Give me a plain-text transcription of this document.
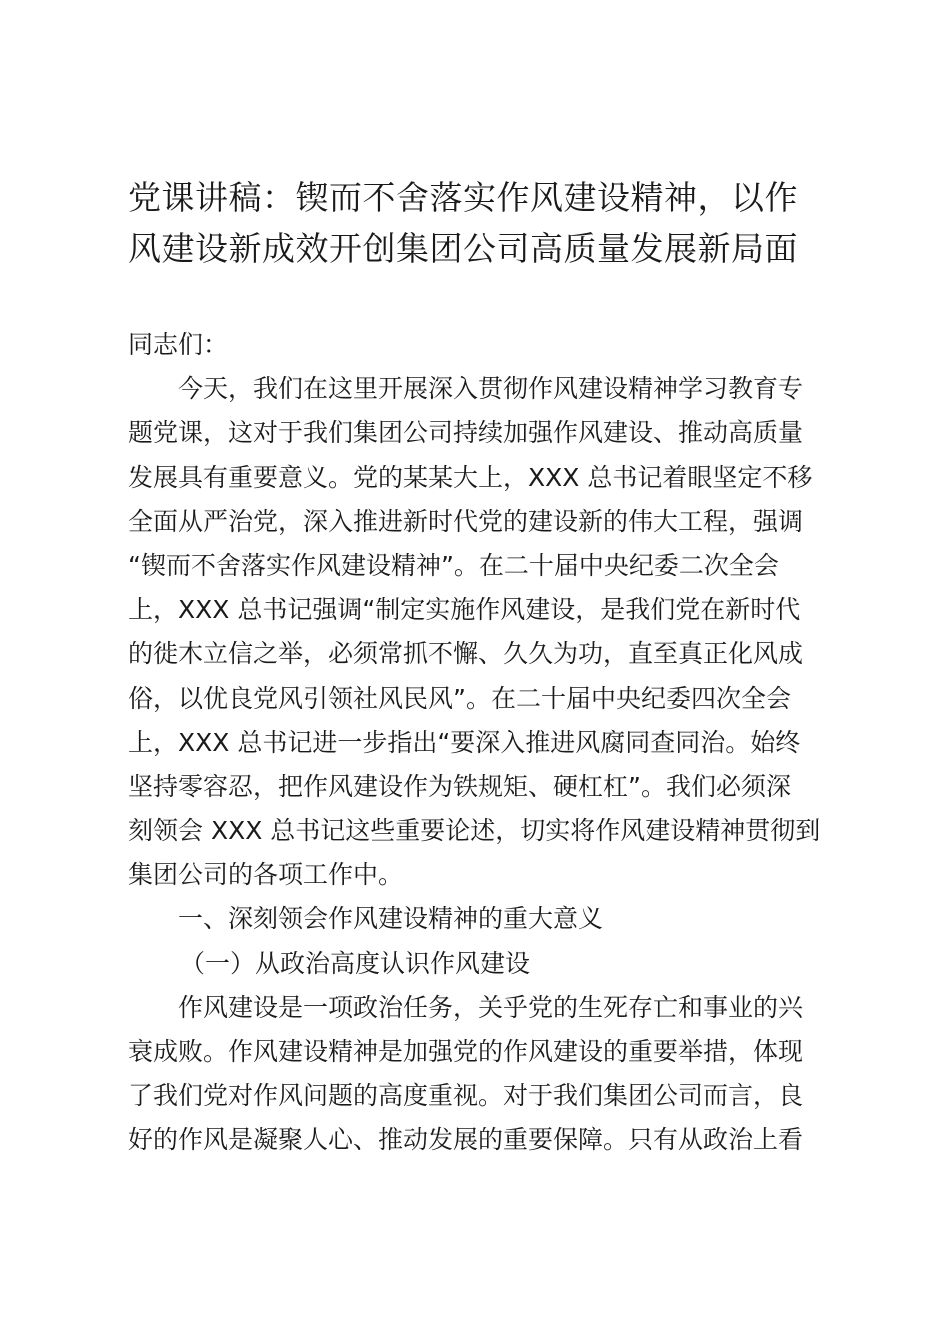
党课讲稿：锲而不舍落实作风建设精神，以作
风建设新成效开创集团公司高质量发展新局面
同志们：
今天，我们在这里开展深入贯彻作风建设精神学习教育专
题党课，这对于我们集团公司持续加强作风建设、推动高质量
发展具有重要意义。党的某某大上，XXX 总书记着眼坚定不移
全面从严治党，深入推进新时代党的建设新的伟大工程，强调
“锲而不舍落实作风建设精神”。在二十届中央纪委二次全会
上，XXX 总书记强调“制定实施作风建设，是我们党在新时代
的徙木立信之举，必须常抓不懈、久久为功，直至真正化风成
俗，以优良党风引领社风民风”。在二十届中央纪委四次全会
上，XXX 总书记进一步指出“要深入推进风腐同查同治。始终
坚持零容忍，把作风建设作为铁规矩、硬杠杠”。我们必须深
刻领会 XXX 总书记这些重要论述，切实将作风建设精神贯彻到
集团公司的各项工作中。
一、深刻领会作风建设精神的重大意义
（一）从政治高度认识作风建设
作风建设是一项政治任务，关乎党的生死存亡和事业的兴
衰成败。作风建设精神是加强党的作风建设的重要举措，体现
了我们党对作风问题的高度重视。对于我们集团公司而言，良
好的作风是凝聚人心、推动发展的重要保障。只有从政治上看
